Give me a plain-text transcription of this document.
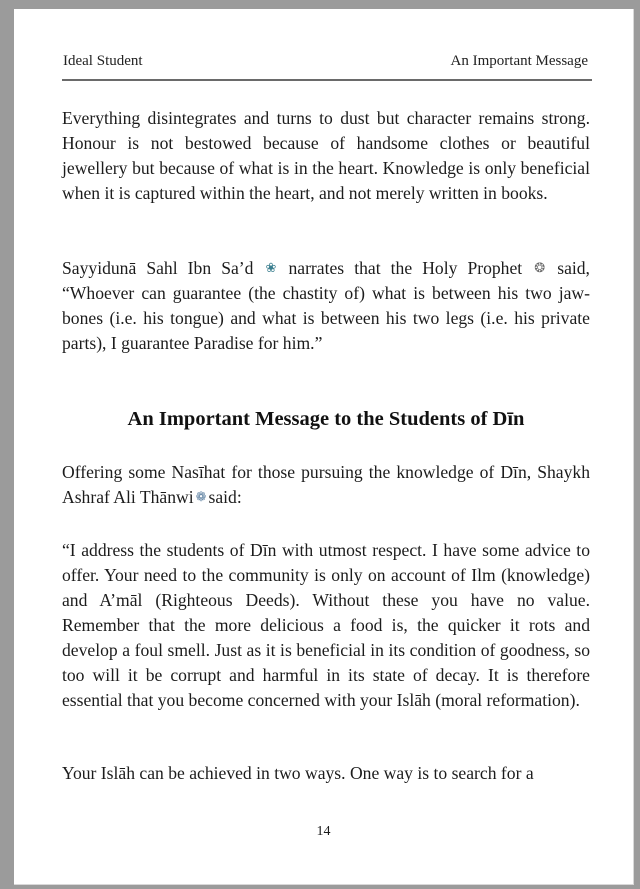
Ideal Student	An Important Message

Everything disintegrates and turns to dust but character remains strong. Honour is not bestowed because of handsome clothes or beautiful jewellery but because of what is in the heart. Knowledge is only beneficial when it is captured within the heart, and not merely written in books.

Sayyidunā Sahl Ibn Sa’d ❀ narrates that the Holy Prophet ❂ said, “Whoever can guarantee (the chastity of) what is between his two jaw-bones (i.e. his tongue) and what is between his two legs (i.e. his private parts), I guarantee Paradise for him.”

An Important Message to the Students of Dīn

Offering some Nasīhat for those pursuing the knowledge of Dīn, Shaykh Ashraf Ali Thānwi ❁ said:

“I address the students of Dīn with utmost respect. I have some advice to offer. Your need to the community is only on account of Ilm (knowledge) and A’māl (Righteous Deeds). Without these you have no value. Remember that the more delicious a food is, the quicker it rots and develop a foul smell. Just as it is beneficial in its condition of goodness, so too will it be corrupt and harmful in its state of decay. It is therefore essential that you become concerned with your Islāh (moral reformation).

Your Islāh can be achieved in two ways. One way is to search for a

14
